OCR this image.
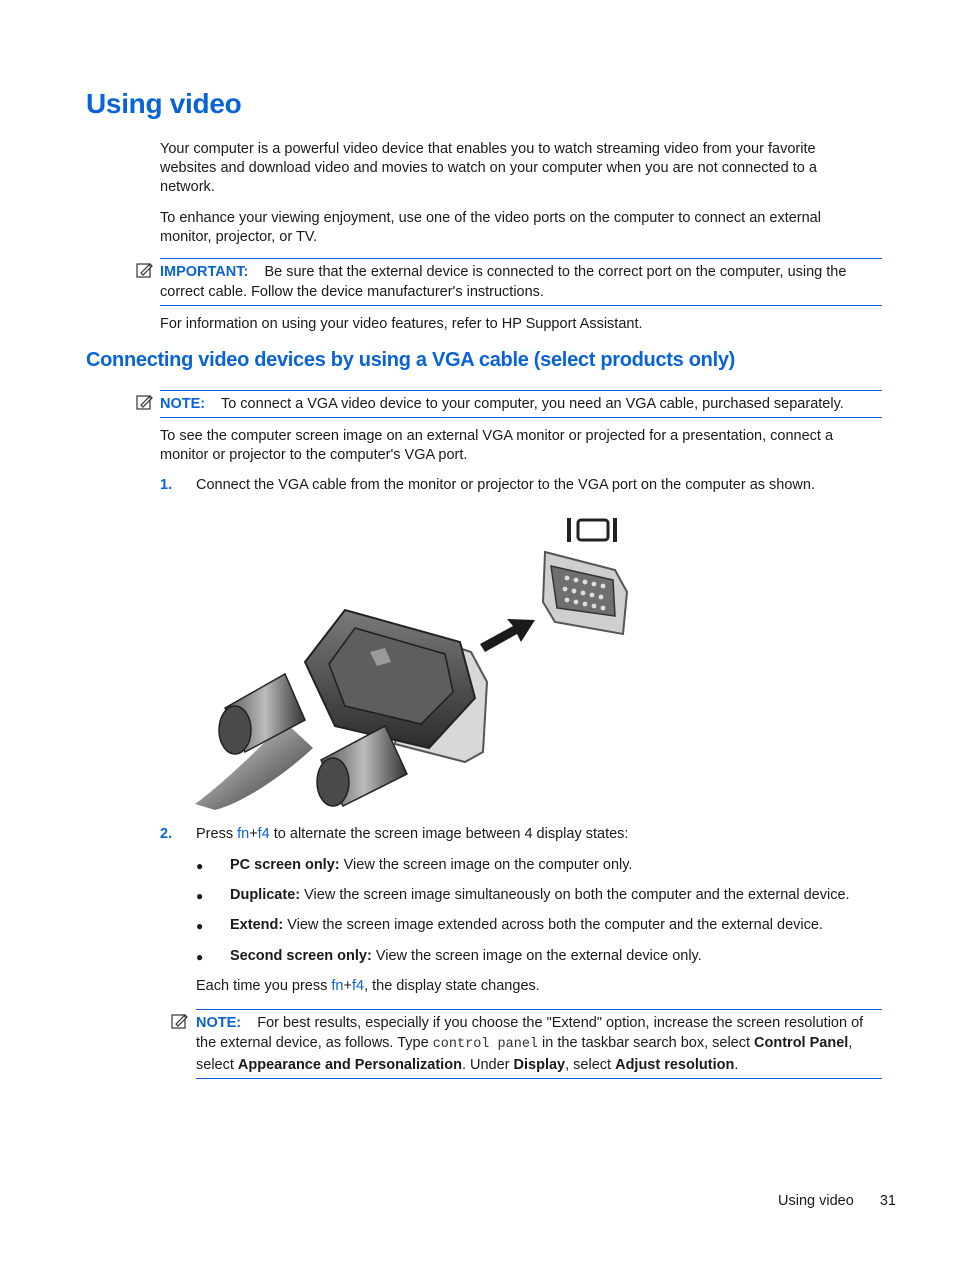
Using video
Your computer is a powerful video device that enables you to watch streaming video from your favorite websites and download video and movies to watch on your computer when you are not connected to a network.
To enhance your viewing enjoyment, use one of the video ports on the computer to connect an external monitor, projector, or TV.
IMPORTANT: Be sure that the external device is connected to the correct port on the computer, using the correct cable. Follow the device manufacturer's instructions.
For information on using your video features, refer to HP Support Assistant.
Connecting video devices by using a VGA cable (select products only)
NOTE: To connect a VGA video device to your computer, you need an VGA cable, purchased separately.
To see the computer screen image on an external VGA monitor or projected for a presentation, connect a monitor or projector to the computer's VGA port.
1. Connect the VGA cable from the monitor or projector to the VGA port on the computer as shown.
2. Press fn+f4 to alternate the screen image between 4 display states:
● PC screen only: View the screen image on the computer only.
● Duplicate: View the screen image simultaneously on both the computer and the external device.
● Extend: View the screen image extended across both the computer and the external device.
● Second screen only: View the screen image on the external device only.
Each time you press fn+f4, the display state changes.
NOTE: For best results, especially if you choose the "Extend" option, increase the screen resolution of the external device, as follows. Type control panel in the taskbar search box, select Control Panel, select Appearance and Personalization. Under Display, select Adjust resolution.
Using video 31
